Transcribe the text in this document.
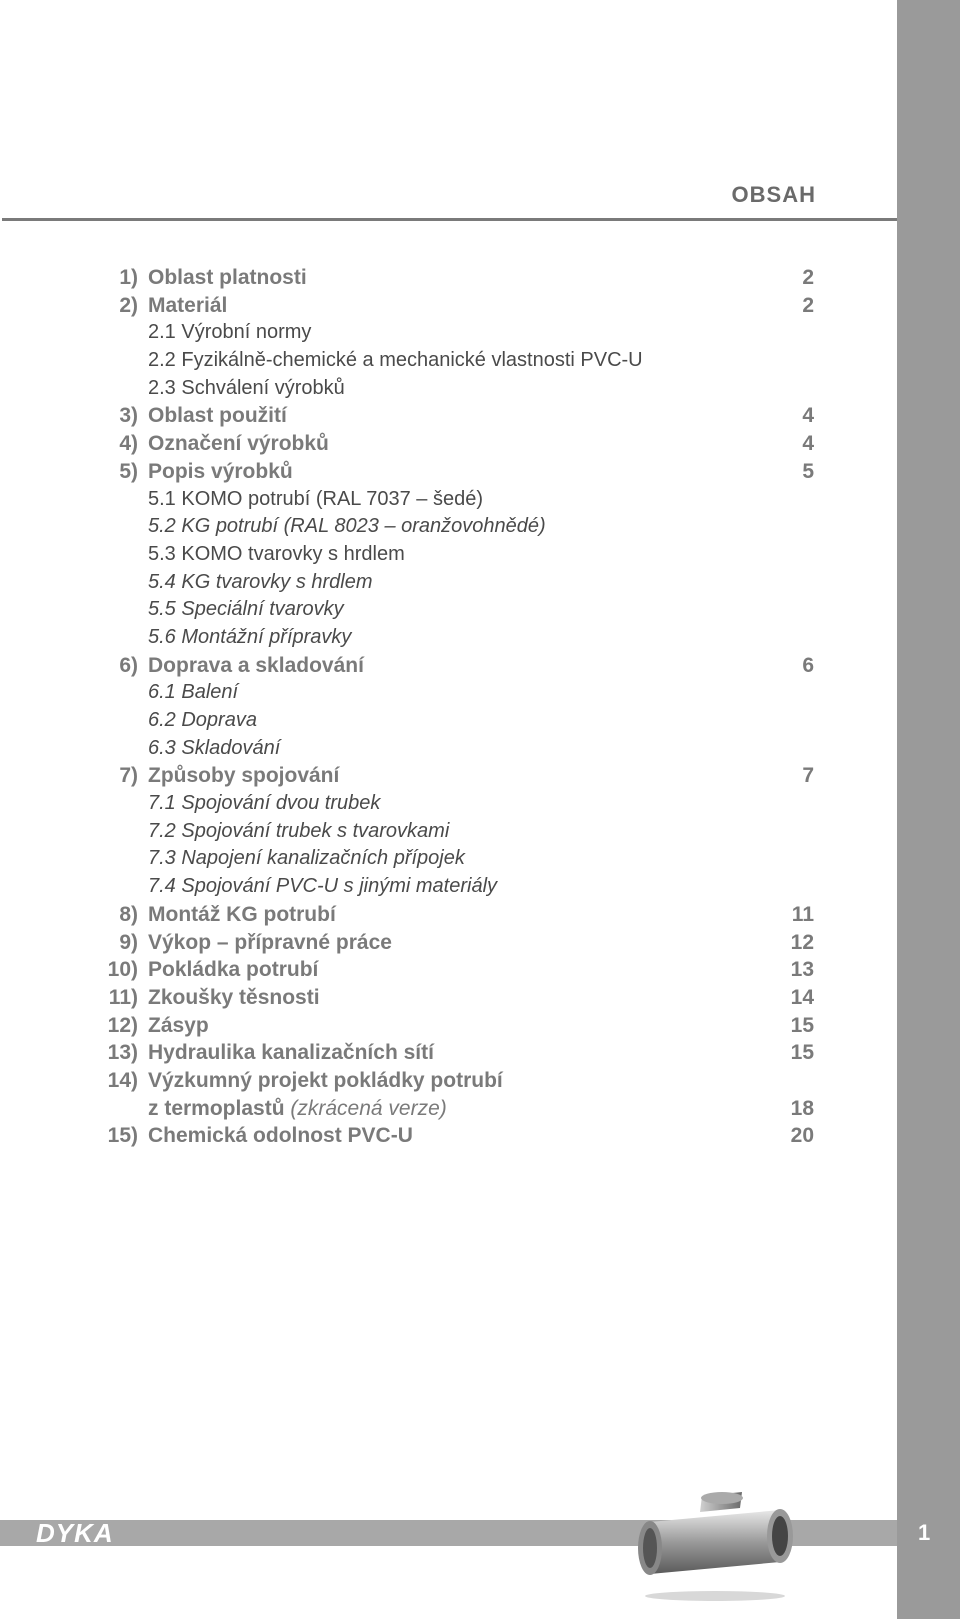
OBSAH
1) Oblast platnosti	2
2) Materiál	2
2.1 Výrobní normy
2.2 Fyzikálně-chemické a mechanické vlastnosti PVC-U
2.3 Schválení výrobků
3) Oblast použití	4
4) Označení výrobků	4
5) Popis výrobků	5
5.1 KOMO potrubí (RAL 7037 – šedé)
5.2 KG potrubí (RAL 8023 – oranžovohnědé)
5.3 KOMO tvarovky s hrdlem
5.4 KG tvarovky s hrdlem
5.5 Speciální tvarovky
5.6 Montážní přípravky
6) Doprava a skladování	6
6.1 Balení
6.2 Doprava
6.3 Skladování
7) Způsoby spojování	7
7.1 Spojování dvou trubek
7.2 Spojování trubek s tvarovkami
7.3 Napojení kanalizačních přípojek
7.4 Spojování PVC-U s jinými materiály
8) Montáž KG potrubí	11
9) Výkop – přípravné práce	12
10) Pokládka potrubí	13
11) Zkoušky těsnosti	14
12) Zásyp	15
13) Hydraulika kanalizačních sítí	15
14) Výzkumný projekt pokládky potrubí
z termoplastů (zkrácená verze)	18
15) Chemická odolnost PVC-U	20
DYKA	1
